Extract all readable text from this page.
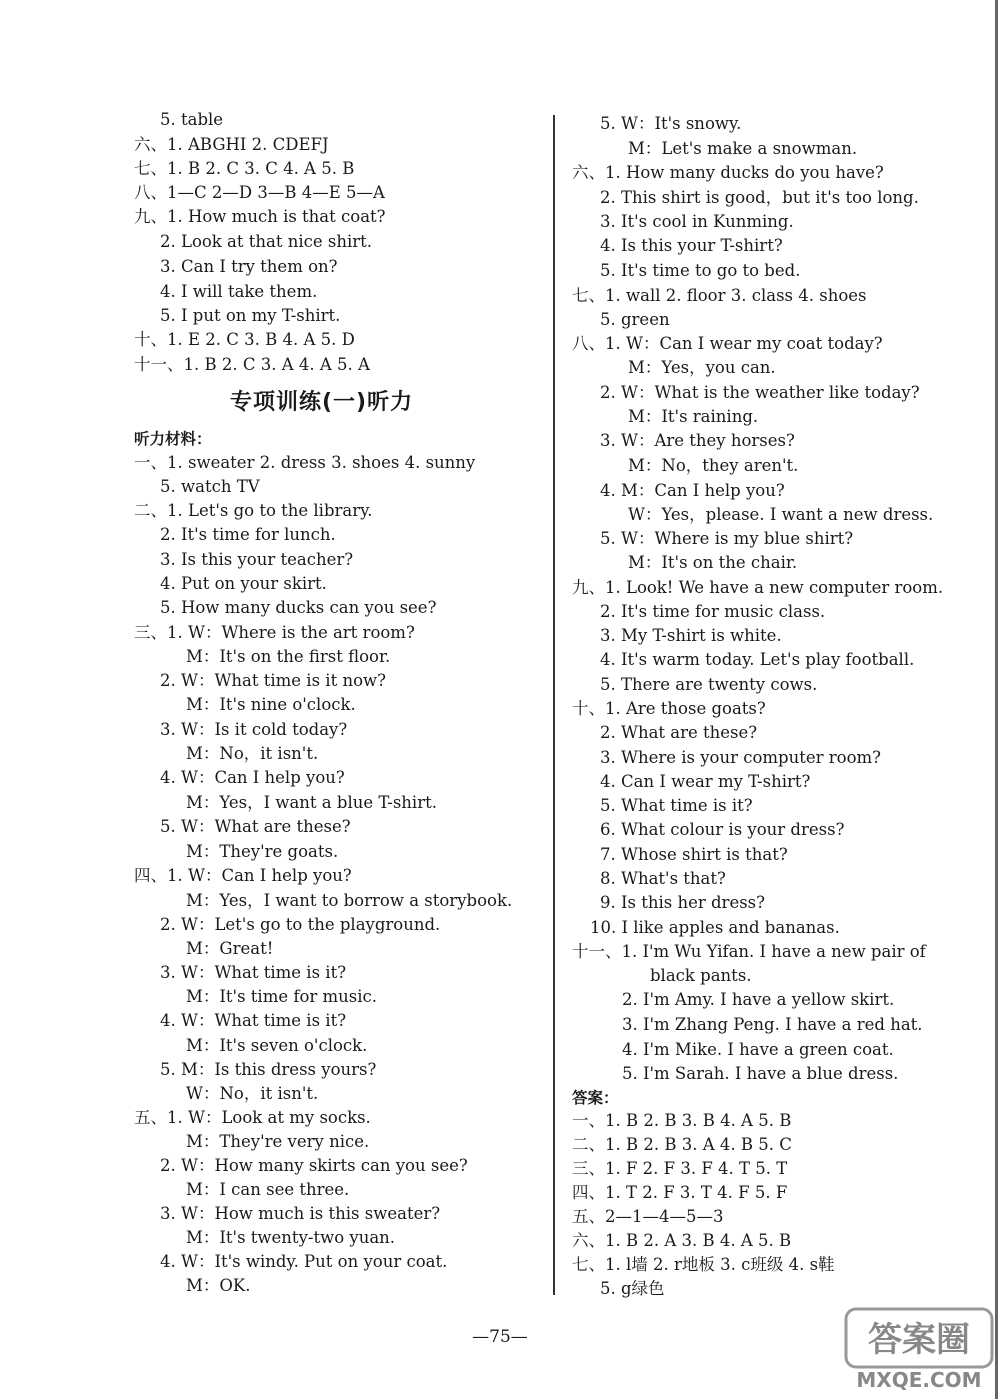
5. table
六、1. ABGHI 2. CDEFJ
七、1. B 2. C 3. C 4. A 5. B
八、1—C 2—D 3—B 4—E 5—A
九、1. How much is that coat?
2. Look at that nice shirt.
3. Can I try them on?
4. I will take them.
5. I put on my T-shirt.
十、1. E 2. C 3. B 4. A 5. D
十一、1. B 2. C 3. A 4. A 5. A
听力材料：
一、1. sweater 2. dress 3. shoes 4. sunny
5. watch TV
二、1. Let's go to the library.
2. It's time for lunch.
3. Is this your teacher?
4. Put on your skirt.
5. How many ducks can you see?
三、1. W：Where is the art room?
M：It's on the first floor.
2. W：What time is it now?
M：It's nine o'clock.
3. W：Is it cold today?
M：No，it isn't.
4. W：Can I help you?
M：Yes，I want a blue T-shirt.
5. W：What are these?
M：They're goats.
四、1. W：Can I help you?
M：Yes，I want to borrow a storybook.
2. W：Let's go to the playground.
M：Great!
3. W：What time is it?
M：It's time for music.
4. W：What time is it?
M：It's seven o'clock.
5. M：Is this dress yours?
W：No，it isn't.
五、1. W：Look at my socks.
M：They're very nice.
2. W：How many skirts can you see?
M：I can see three.
3. W：How much is this sweater?
M：It's twenty-two yuan.
4. W：It's windy. Put on your coat.
M：OK.
专项训练(一)听力
5. W：It's snowy.
M：Let's make a snowman.
六、1. How many ducks do you have?
2. This shirt is good，but it's too long.
3. It's cool in Kunming.
4. Is this your T-shirt?
5. It's time to go to bed.
七、1. wall 2. floor 3. class 4. shoes
5. green
八、1. W：Can I wear my coat today?
M：Yes，you can.
2. W：What is the weather like today?
M：It's raining.
3. W：Are they horses?
M：No，they aren't.
4. M：Can I help you?
W：Yes，please. I want a new dress.
5. W：Where is my blue shirt?
M：It's on the chair.
九、1. Look! We have a new computer room.
2. It's time for music class.
3. My T-shirt is white.
4. It's warm today. Let's play football.
5. There are twenty cows.
十、1. Are those goats?
2. What are these?
3. Where is your computer room?
4. Can I wear my T-shirt?
5. What time is it?
6. What colour is your dress?
7. Whose shirt is that?
8. What's that?
9. Is this her dress?
10. I like apples and bananas.
十一、1. I'm Wu Yifan. I have a new pair of
black pants.
2. I'm Amy. I have a yellow skirt.
3. I'm Zhang Peng. I have a red hat.
4. I'm Mike. I have a green coat.
5. I'm Sarah. I have a blue dress.
答案：
一、1. B 2. B 3. B 4. A 5. B
二、1. B 2. B 3. A 4. B 5. C
三、1. F 2. F 3. F 4. T 5. T
四、1. T 2. F 3. T 4. F 5. F
五、2—1—4—5—3
六、1. B 2. A 3. B 4. A 5. B
七、1. l墙 2. r地板 3. c班级 4. s鞋
5. g绿色
—75—	答案圈
MXQE.COM
